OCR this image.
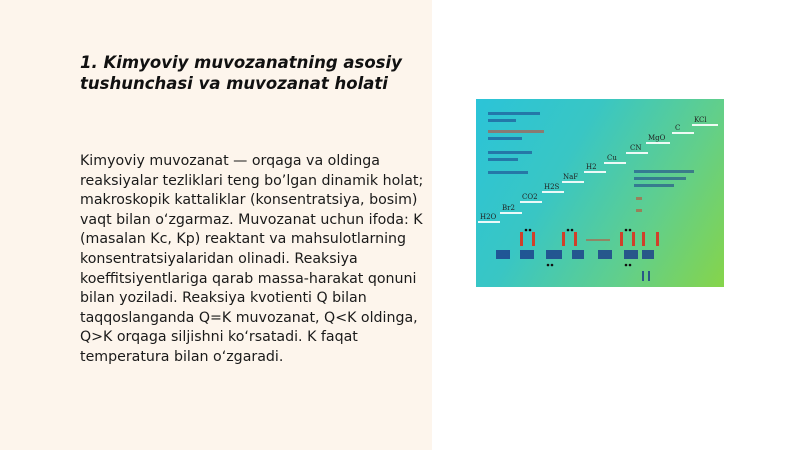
1. Kimyoviy muvozanatning asosiy tushunchasi va muvozanat holati

Kimyoviy muvozanat — orqaga va oldinga reaksiyalar tezliklari teng bo’lgan dinamik holat; makroskopik kattaliklar (konsentratsiya, bosim) vaqt bilan o‘zgarmaz. Muvozanat uchun ifoda: K (masalan Kc, Kp) reaktant va mahsulotlarning konsentratsiyalaridan olinadi. Reaksiya koeffitsiyentlariga qarab massa-harakat qonuni bilan yoziladi. Reaksiya kvotienti Q bilan taqqoslanganda Q=K muvozanat, Q<K oldinga, Q>K orqaga siljishni ko‘rsatadi. K faqat temperatura bilan o‘zgaradi.

H2O
Br2
CO2
H2S
NaF
H2
Cu
CN
MgO
C
KCl
